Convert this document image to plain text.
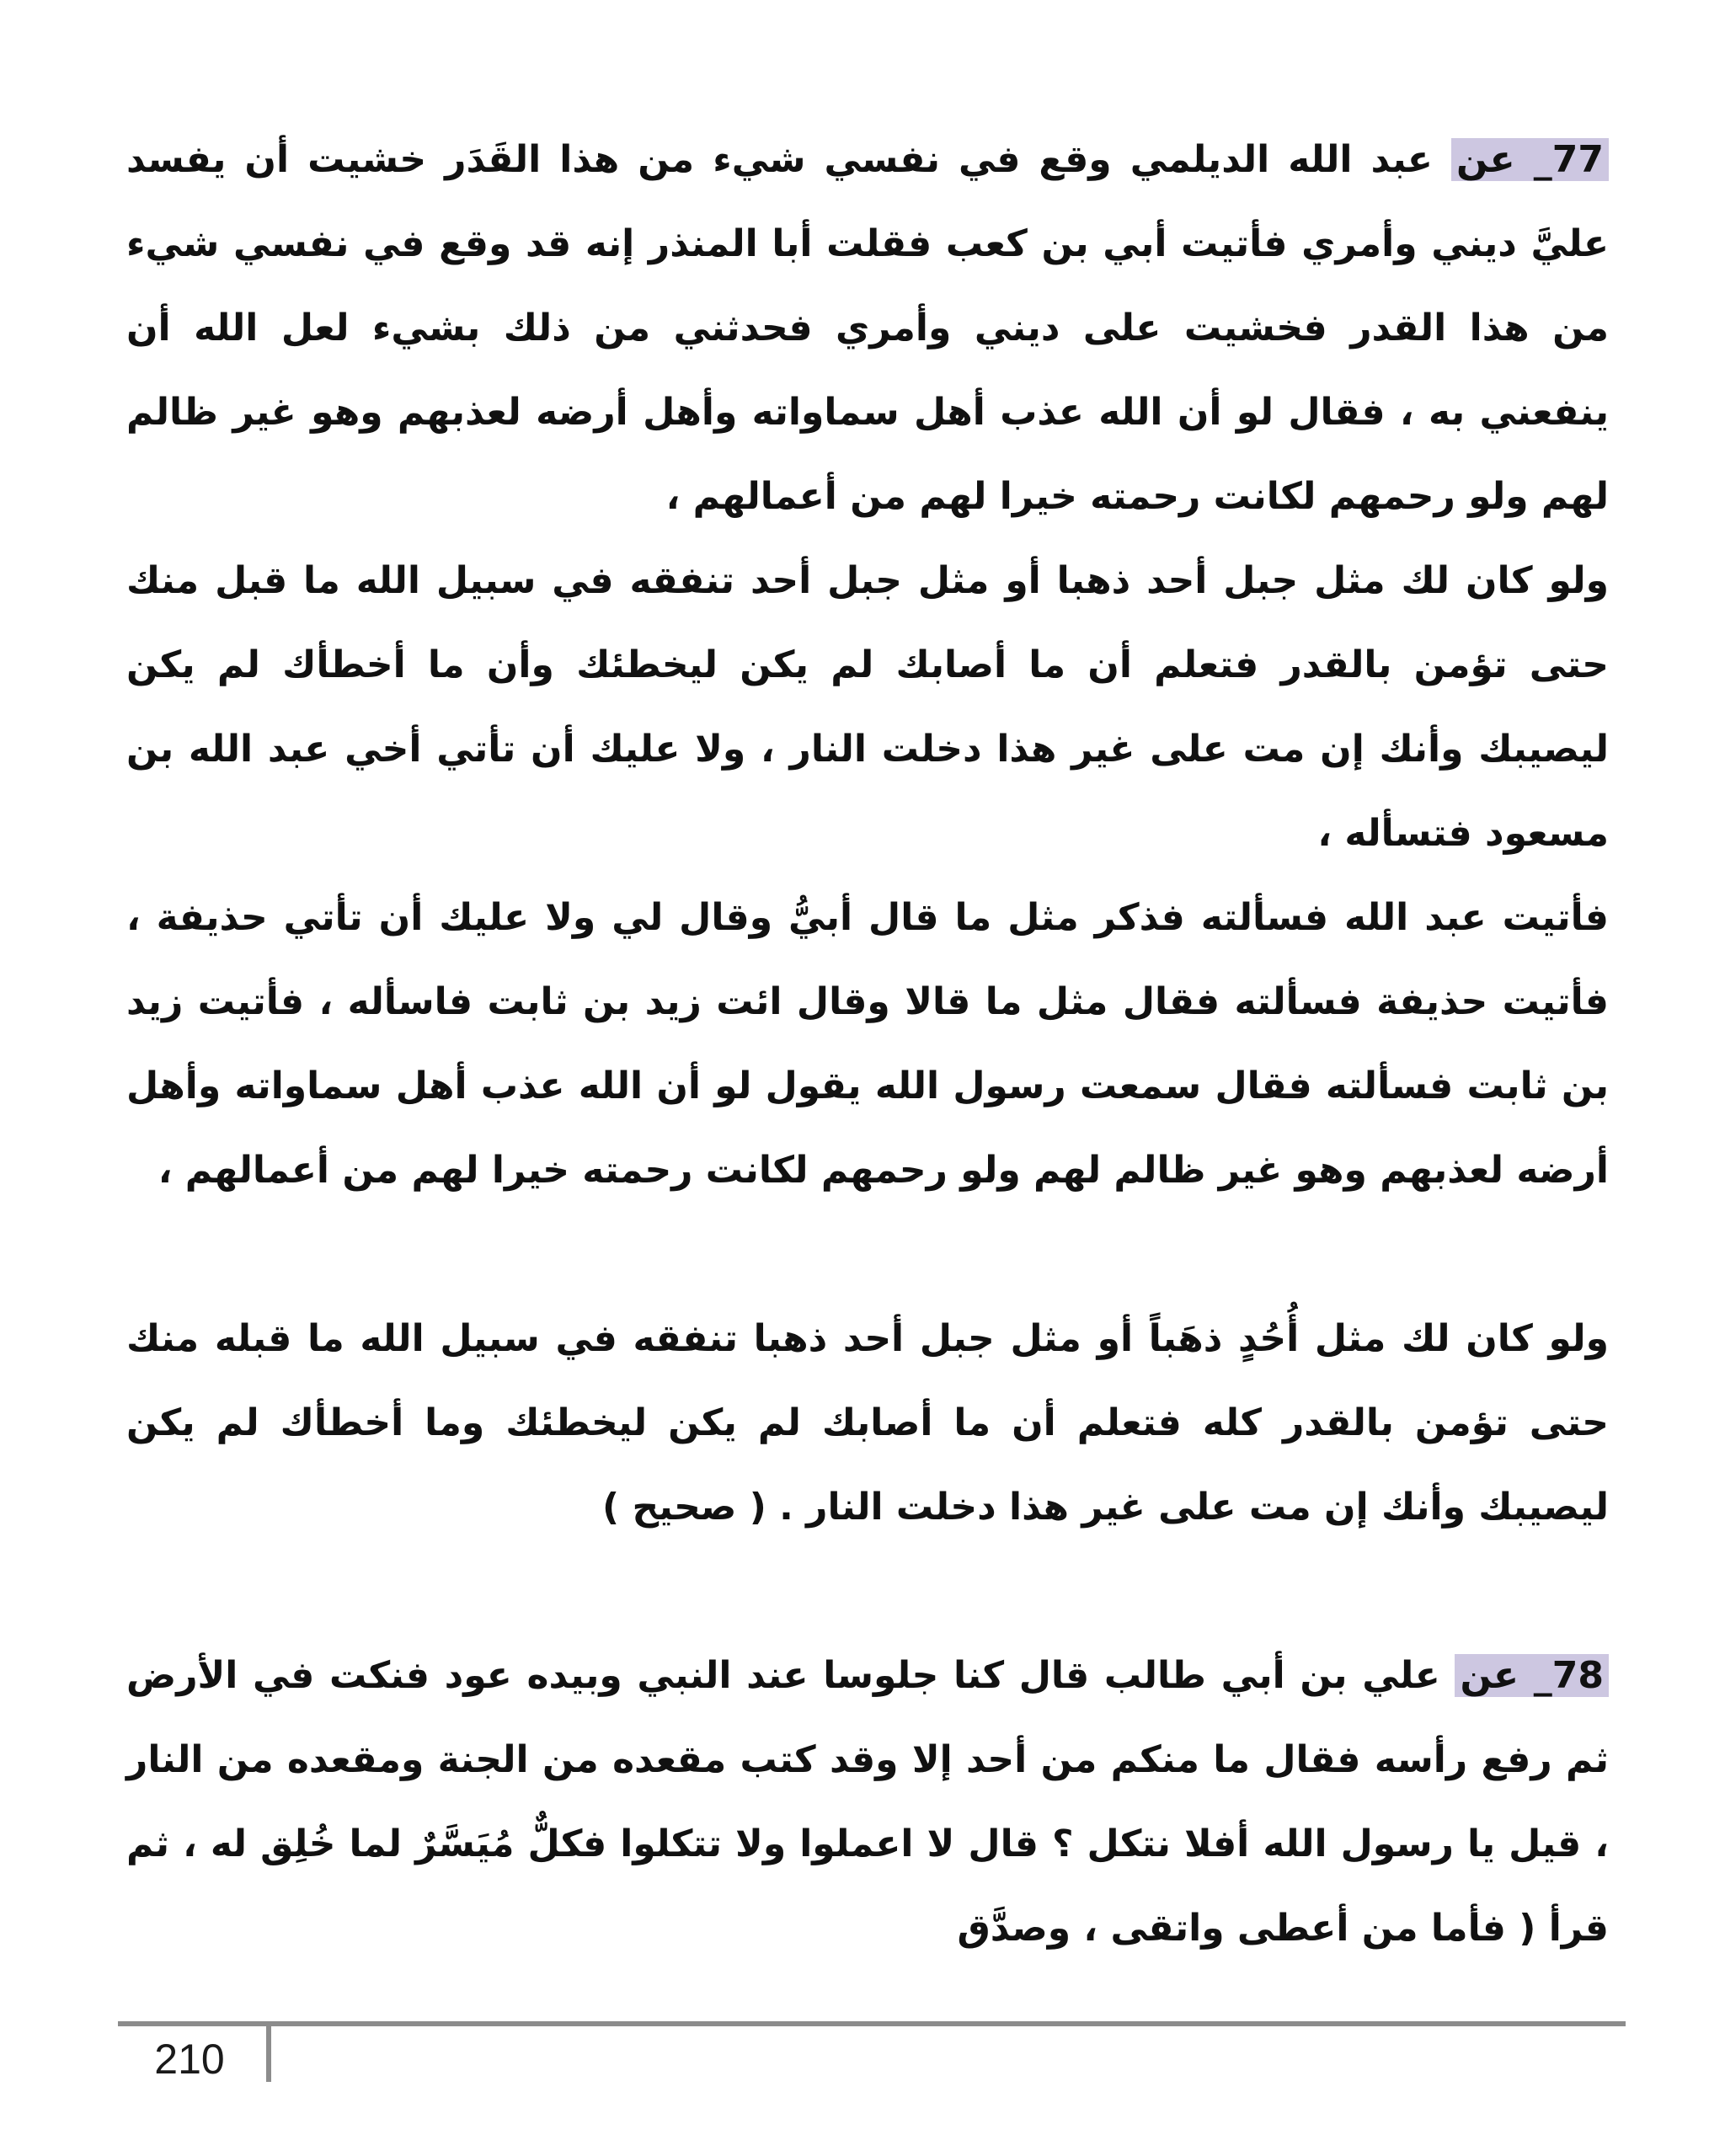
77_ عن عبد الله الديلمي وقع في نفسي شيء من هذا القَدَر خشيت أن يفسد عليَّ ديني وأمري فأتيت أبي بن كعب فقلت أبا المنذر إنه قد وقع في نفسي شيء من هذا القدر فخشيت على ديني وأمري فحدثني من ذلك بشيء لعل الله أن ينفعني به ، فقال لو أن الله عذب أهل سماواته وأهل أرضه لعذبهم وهو غير ظالم لهم ولو رحمهم لكانت رحمته خيرا لهم من أعمالهم ،

ولو كان لك مثل جبل أحد ذهبا أو مثل جبل أحد تنفقه في سبيل الله ما قبل منك حتى تؤمن بالقدر فتعلم أن ما أصابك لم يكن ليخطئك وأن ما أخطأك لم يكن ليصيبك وأنك إن مت على غير هذا دخلت النار ، ولا عليك أن تأتي أخي عبد الله بن مسعود فتسأله ،

فأتيت عبد الله فسألته فذكر مثل ما قال أبيُّ وقال لي ولا عليك أن تأتي حذيفة ، فأتيت حذيفة فسألته فقال مثل ما قالا وقال ائت زيد بن ثابت فاسأله ، فأتيت زيد بن ثابت فسألته فقال سمعت رسول الله يقول لو أن الله عذب أهل سماواته وأهل أرضه لعذبهم وهو غير ظالم لهم ولو رحمهم لكانت رحمته خيرا لهم من أعمالهم ،

ولو كان لك مثل أُحُدٍ ذهَباً أو مثل جبل أحد ذهبا تنفقه في سبيل الله ما قبله منك حتى تؤمن بالقدر كله فتعلم أن ما أصابك لم يكن ليخطئك وما أخطأك لم يكن ليصيبك وأنك إن مت على غير هذا دخلت النار . ( صحيح )

78_ عن علي بن أبي طالب قال كنا جلوسا عند النبي وبيده عود فنكت في الأرض ثم رفع رأسه فقال ما منكم من أحد إلا وقد كتب مقعده من الجنة ومقعده من النار ، قيل يا رسول الله أفلا نتكل ؟ قال لا اعملوا ولا تتكلوا فكلٌّ مُيَسَّرٌ لما خُلِق له ، ثم قرأ ( فأما من أعطى واتقى ، وصدَّق

210
